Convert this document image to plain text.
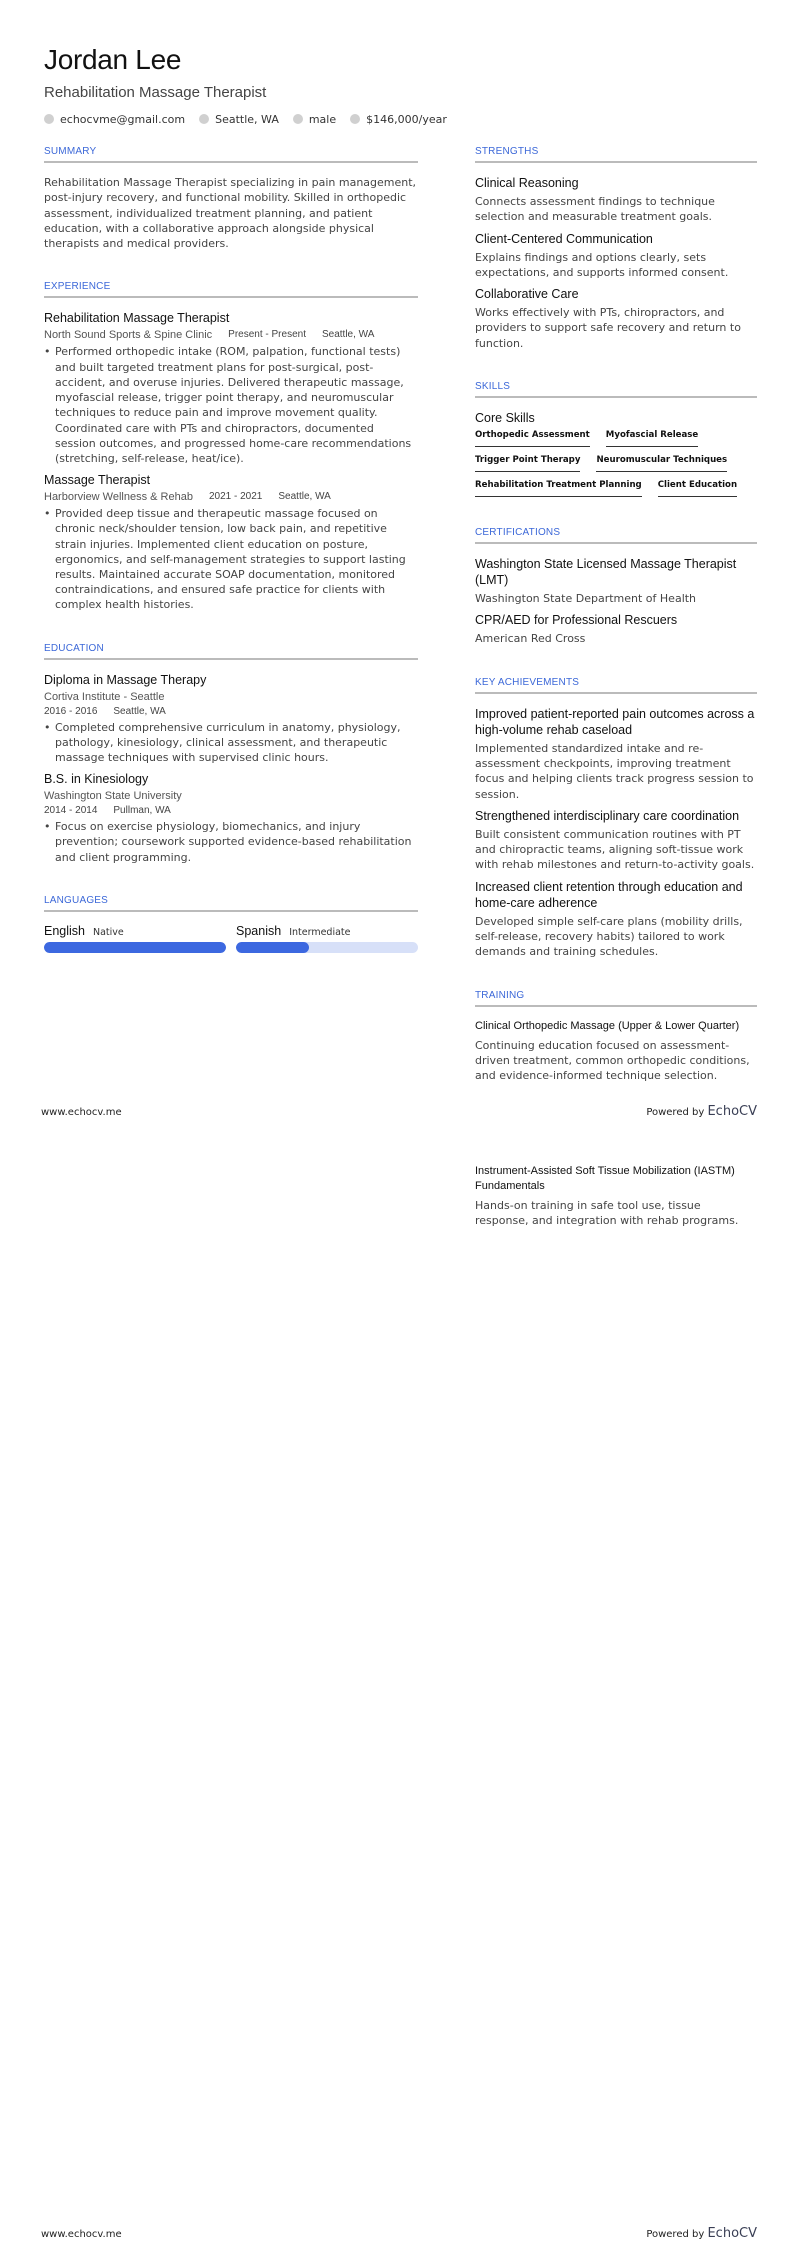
Jordan Lee
Rehabilitation Massage Therapist
echocvme@gmail.com	Seattle, WA	male	$146,000/year
SUMMARY
Rehabilitation Massage Therapist specializing in pain management, post-injury recovery, and functional mobility. Skilled in orthopedic assessment, individualized treatment planning, and patient education, with a collaborative approach alongside physical therapists and medical providers.
EXPERIENCE
Rehabilitation Massage Therapist
North Sound Sports & Spine Clinic Present - Present Seattle, WA
• Performed orthopedic intake (ROM, palpation, functional tests) and built targeted treatment plans for post-surgical, post-accident, and overuse injuries. Delivered therapeutic massage, myofascial release, trigger point therapy, and neuromuscular techniques to reduce pain and improve movement quality. Coordinated care with PTs and chiropractors, documented session outcomes, and progressed home-care recommendations (stretching, self-release, heat/ice).
Massage Therapist
Harborview Wellness & Rehab 2021 - 2021 Seattle, WA
• Provided deep tissue and therapeutic massage focused on chronic neck/shoulder tension, low back pain, and repetitive strain injuries. Implemented client education on posture, ergonomics, and self-management strategies to support lasting results. Maintained accurate SOAP documentation, monitored contraindications, and ensured safe practice for clients with complex health histories.
EDUCATION
Diploma in Massage Therapy
Cortiva Institute - Seattle
2016 - 2016 Seattle, WA
• Completed comprehensive curriculum in anatomy, physiology, pathology, kinesiology, clinical assessment, and therapeutic massage techniques with supervised clinic hours.
B.S. in Kinesiology
Washington State University
2014 - 2014 Pullman, WA
• Focus on exercise physiology, biomechanics, and injury prevention; coursework supported evidence-based rehabilitation and client programming.
LANGUAGES
English Native	Spanish Intermediate
STRENGTHS
Clinical Reasoning
Connects assessment findings to technique selection and measurable treatment goals.
Client-Centered Communication
Explains findings and options clearly, sets expectations, and supports informed consent.
Collaborative Care
Works effectively with PTs, chiropractors, and providers to support safe recovery and return to function.
SKILLS
Core Skills
Orthopedic Assessment Myofascial Release
Trigger Point Therapy Neuromuscular Techniques
Rehabilitation Treatment Planning Client Education
CERTIFICATIONS
Washington State Licensed Massage Therapist (LMT)
Washington State Department of Health
CPR/AED for Professional Rescuers
American Red Cross
KEY ACHIEVEMENTS
Improved patient-reported pain outcomes across a high-volume rehab caseload
Implemented standardized intake and re-assessment checkpoints, improving treatment focus and helping clients track progress session to session.
Strengthened interdisciplinary care coordination
Built consistent communication routines with PT and chiropractic teams, aligning soft-tissue work with rehab milestones and return-to-activity goals.
Increased client retention through education and home-care adherence
Developed simple self-care plans (mobility drills, self-release, recovery habits) tailored to work demands and training schedules.
TRAINING
Clinical Orthopedic Massage (Upper & Lower Quarter)
Continuing education focused on assessment-driven treatment, common orthopedic conditions, and evidence-informed technique selection.
www.echocv.me	Powered by EchoCV
Instrument-Assisted Soft Tissue Mobilization (IASTM) Fundamentals
Hands-on training in safe tool use, tissue response, and integration with rehab programs.
www.echocv.me	Powered by EchoCV
